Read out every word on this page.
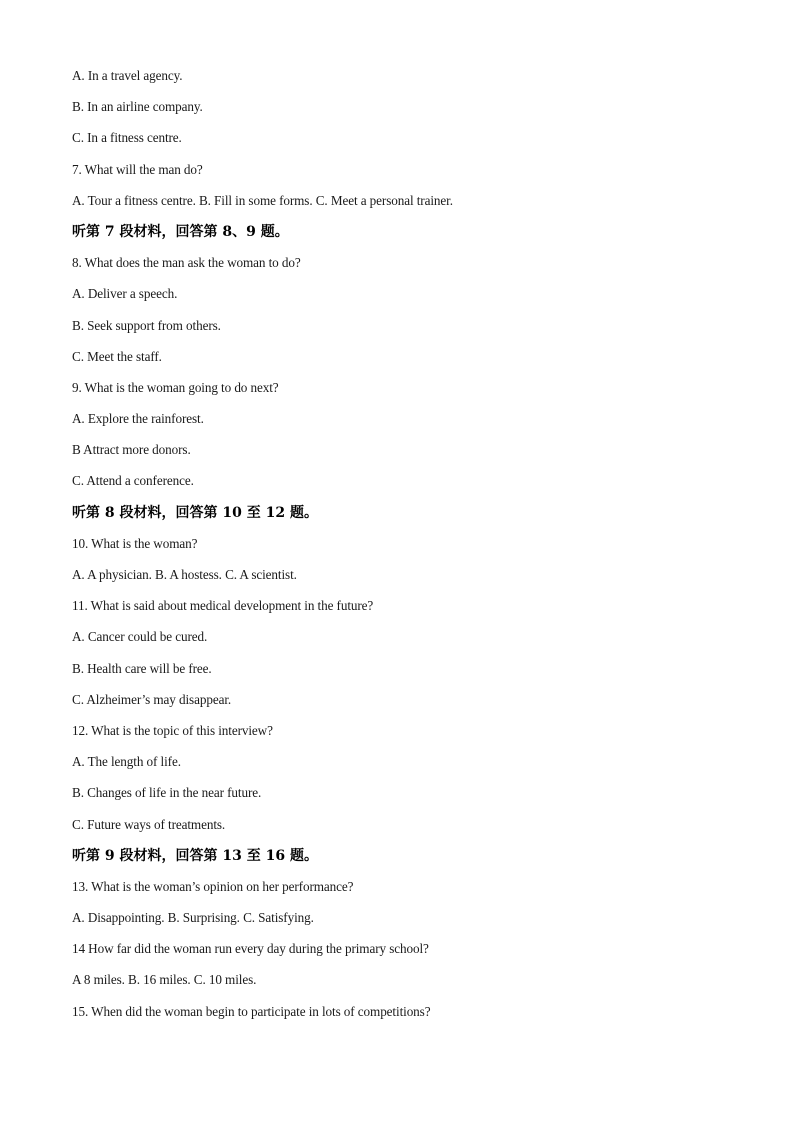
A. In a travel agency.
B. In an airline company.
C. In a fitness centre.
7. What will the man do?
A. Tour a fitness centre. B. Fill in some forms. C. Meet a personal trainer.
听第 7 段材料，回答第 8、9 题。
8. What does the man ask the woman to do?
A. Deliver a speech.
B. Seek support from others.
C. Meet the staff.
9. What is the woman going to do next?
A. Explore the rainforest.
B Attract more donors.
C. Attend a conference.
听第 8 段材料，回答第 10 至 12 题。
10. What is the woman?
A. A physician. B. A hostess. C. A scientist.
11. What is said about medical development in the future?
A. Cancer could be cured.
B. Health care will be free.
C. Alzheimer’s may disappear.
12. What is the topic of this interview?
A. The length of life.
B. Changes of life in the near future.
C. Future ways of treatments.
听第 9 段材料，回答第 13 至 16 题。
13. What is the woman’s opinion on her performance?
A. Disappointing. B. Surprising. C. Satisfying.
14 How far did the woman run every day during the primary school?
A 8 miles. B. 16 miles. C. 10 miles.
15. When did the woman begin to participate in lots of competitions?
